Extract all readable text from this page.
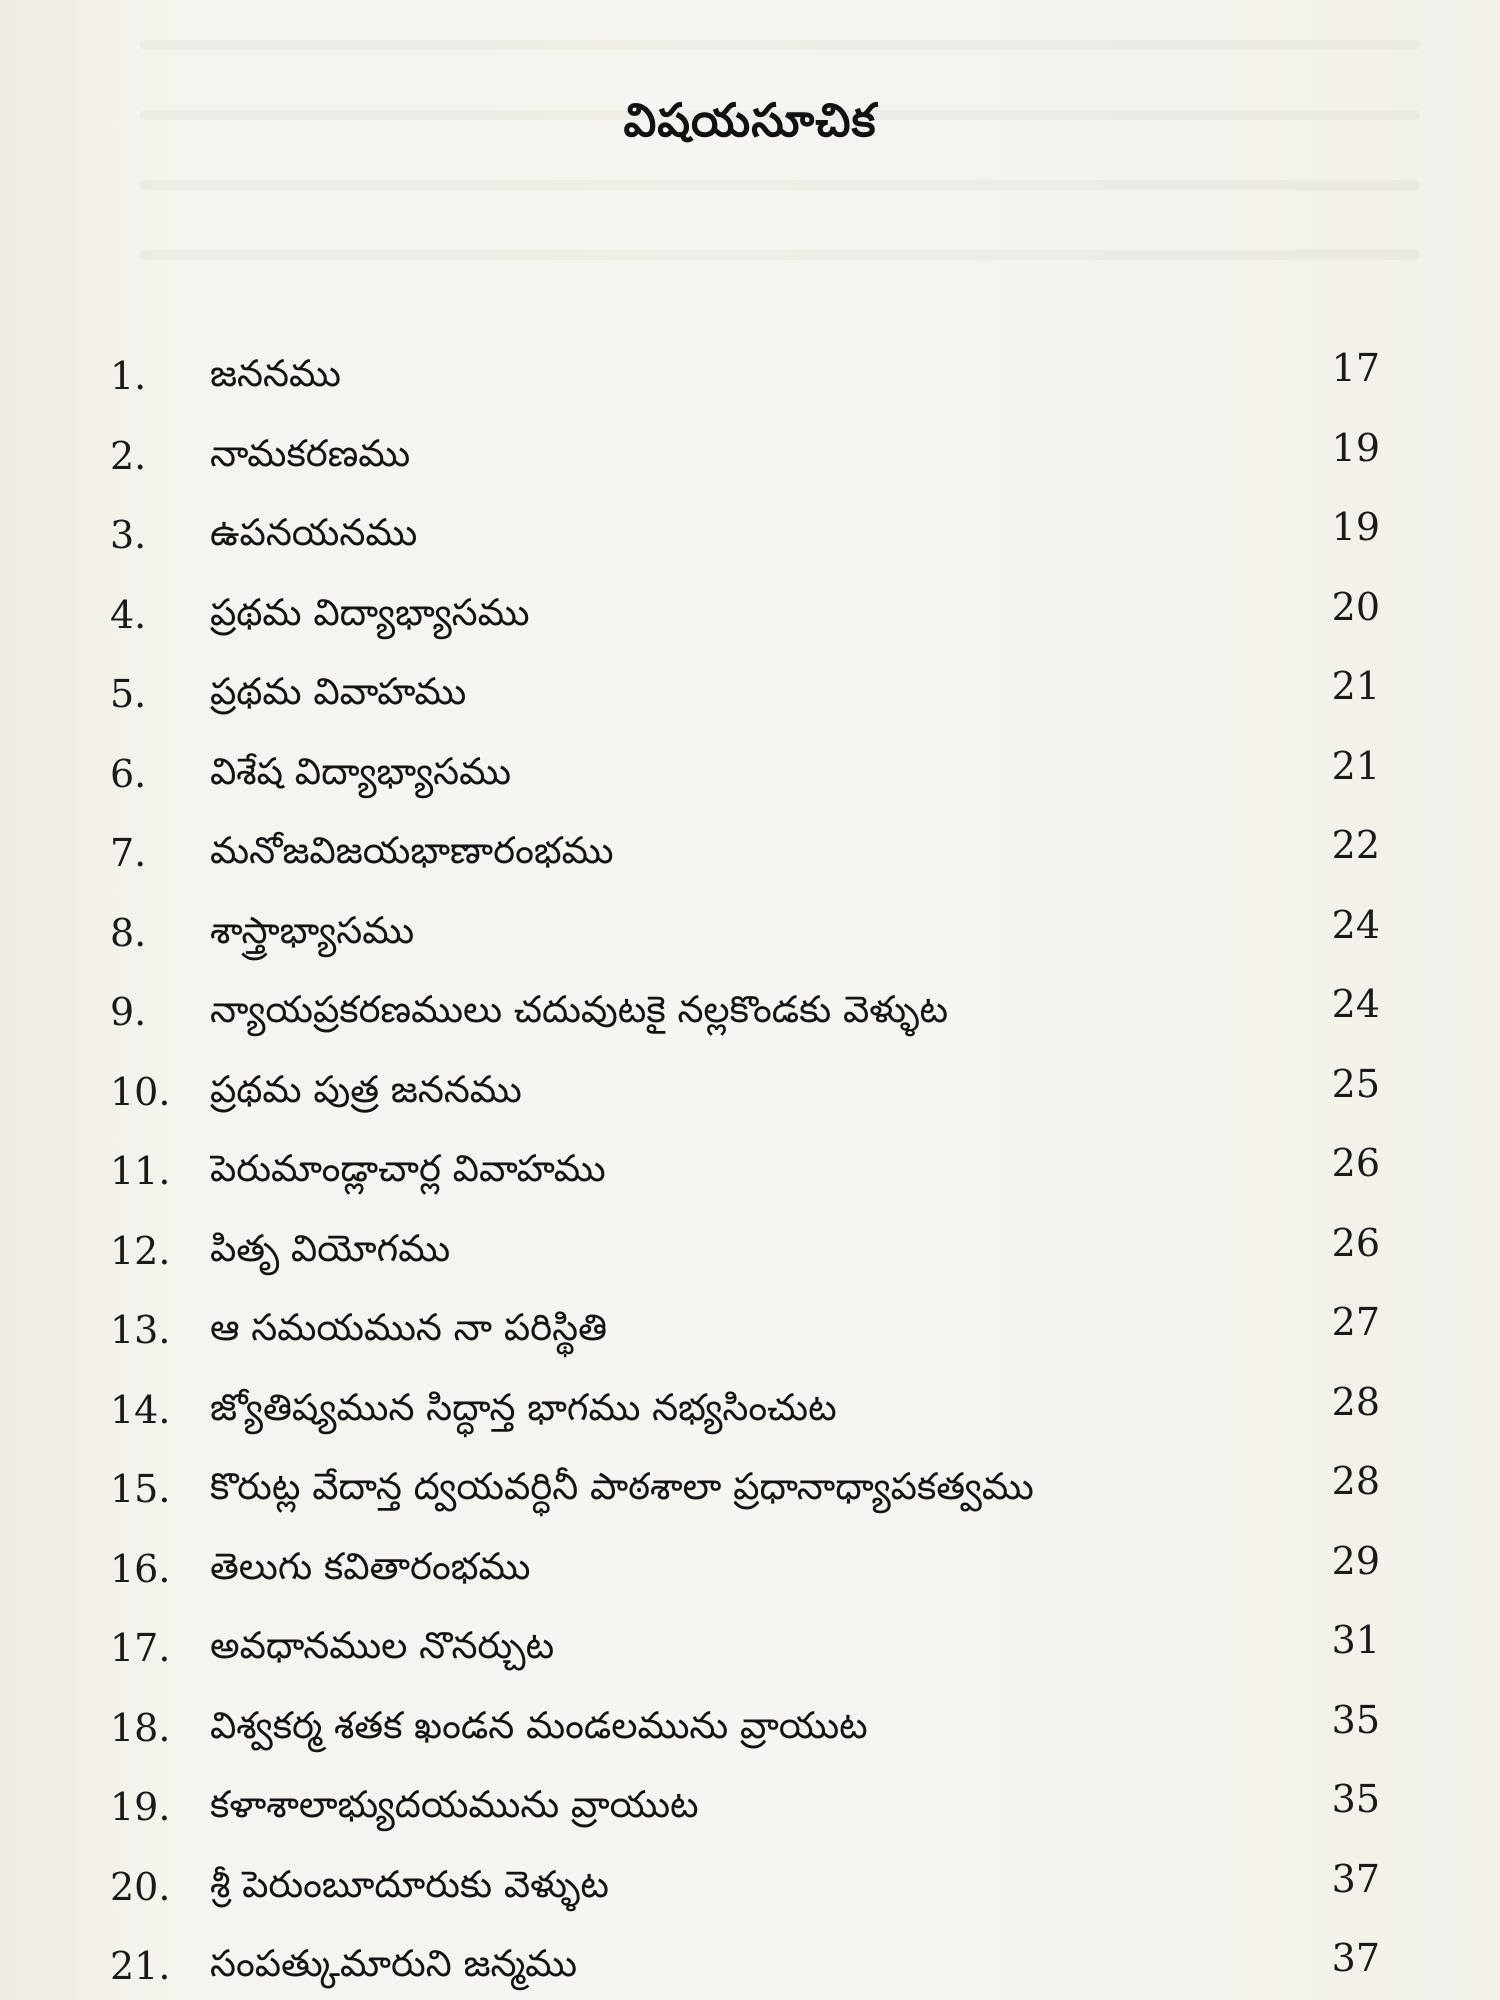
విషయసూచిక
1. జననము	17
2. నామకరణము	19
3. ఉపనయనము	19
4. ప్రథమ విద్యాభ్యాసము	20
5. ప్రథమ వివాహము	21
6. విశేష విద్యాభ్యాసము	21
7. మనోజవిజయభాణారంభము	22
8. శాస్త్రాభ్యాసము	24
9. న్యాయప్రకరణములు చదువుటకై నల్లకొండకు వెళ్ళుట	24
10. ప్రథమ పుత్ర జననము	25
11. పెరుమాండ్లాచార్ల వివాహము	26
12. పితృ వియోగము	26
13. ఆ సమయమున నా పరిస్థితి	27
14. జ్యోతిష్యమున సిద్ధాన్త భాగము నభ్యసించుట	28
15. కొరుట్ల వేదాన్త ద్వయవర్ధినీ పాఠశాలా ప్రధానాధ్యాపకత్వము	28
16. తెలుగు కవితారంభము	29
17. అవధానముల నొనర్చుట	31
18. విశ్వకర్మ శతక ఖండన మండలమును వ్రాయుట	35
19. కళాశాలాభ్యుదయమును వ్రాయుట	35
20. శ్రీ పెరుంబూదూరుకు వెళ్ళుట	37
21. సంపత్కుమారుని జన్మము	37
